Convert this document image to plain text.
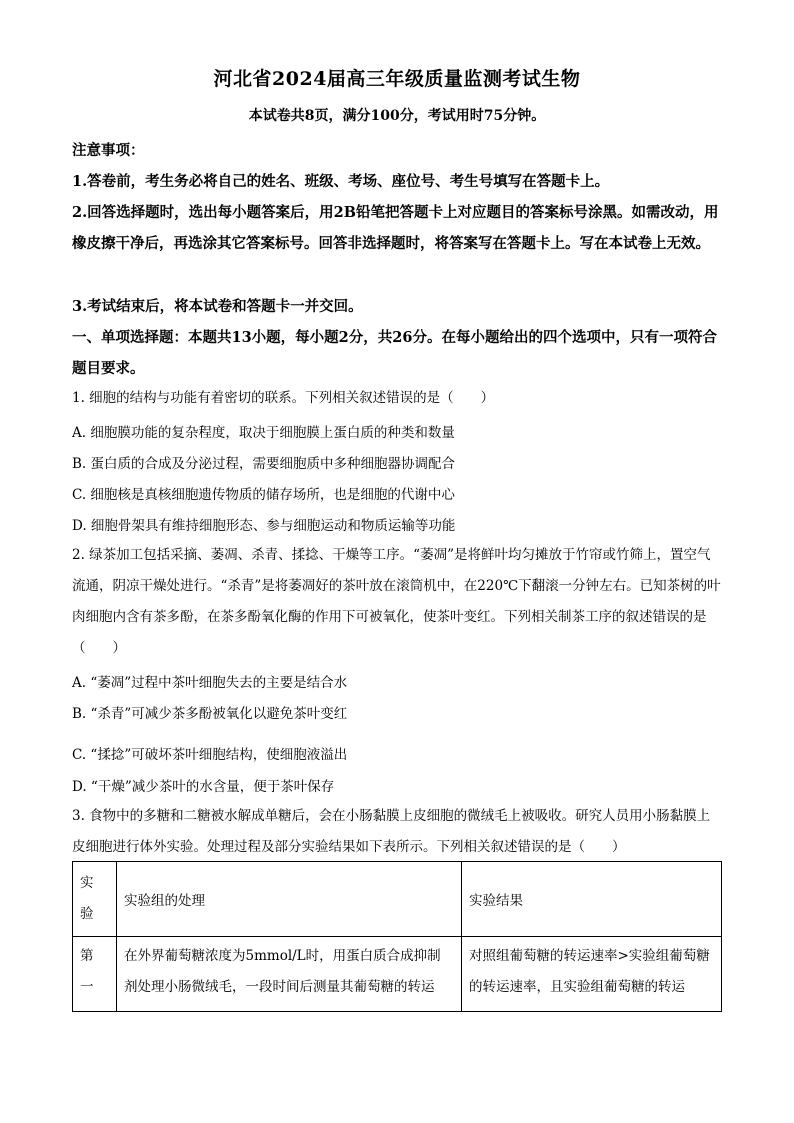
河北省2024届高三年级质量监测考试生物
本试卷共8页，满分100分，考试用时75分钟。
注意事项：
1.答卷前，考生务必将自己的姓名、班级、考场、座位号、考生号填写在答题卡上。
2.回答选择题时，选出每小题答案后，用2B铅笔把答题卡上对应题目的答案标号涂黑。如需改动，用橡皮擦干净后，再选涂其它答案标号。回答非选择题时，将答案写在答题卡上。写在本试卷上无效。
3.考试结束后，将本试卷和答题卡一并交回。
一、单项选择题：本题共13小题，每小题2分，共26分。在每小题给出的四个选项中，只有一项符合题目要求。
1. 细胞的结构与功能有着密切的联系。下列相关叙述错误的是（　　）
A. 细胞膜功能的复杂程度，取决于细胞膜上蛋白质的种类和数量
B. 蛋白质的合成及分泌过程，需要细胞质中多种细胞器协调配合
C. 细胞核是真核细胞遗传物质的储存场所，也是细胞的代谢中心
D. 细胞骨架具有维持细胞形态、参与细胞运动和物质运输等功能
2. 绿茶加工包括采摘、萎凋、杀青、揉捻、干燥等工序。“萎凋”是将鲜叶均匀摊放于竹帘或竹筛上，置空气流通，阴凉干燥处进行。“杀青”是将萎凋好的茶叶放在滚筒机中，在220℃下翻滚一分钟左右。已知茶树的叶肉细胞内含有茶多酚，在茶多酚氧化酶的作用下可被氧化，使茶叶变红。下列相关制茶工序的叙述错误的是（　　）
A. “萎凋”过程中茶叶细胞失去的主要是结合水
B. “杀青”可减少茶多酚被氧化以避免茶叶变红
C. “揉捻”可破坏茶叶细胞结构，使细胞液溢出
D. “干燥”减少茶叶的水含量，便于茶叶保存
3. 食物中的多糖和二糖被水解成单糖后，会在小肠黏膜上皮细胞的微绒毛上被吸收。研究人员用小肠黏膜上皮细胞进行体外实验。处理过程及部分实验结果如下表所示。下列相关叙述错误的是（　　）
实验	实验组的处理	实验结果

第一	在外界葡萄糖浓度为5mmol/L时，用蛋白质合成抑制剂处理小肠微绒毛，一段时间后测量其葡萄糖的转运	对照组葡萄糖的转运速率>实验组葡萄糖的转运速率，且实验组葡萄糖的转运
